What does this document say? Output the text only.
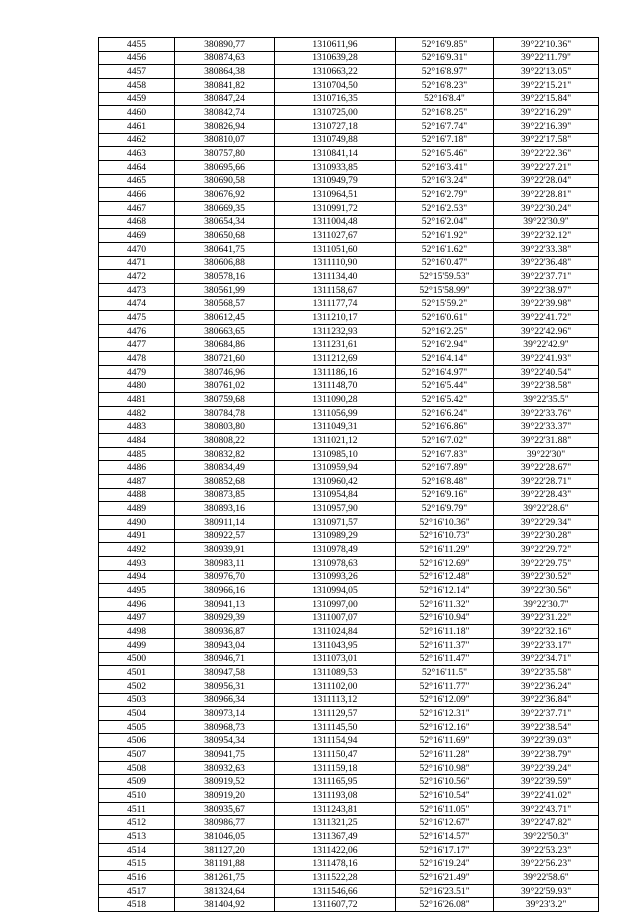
4455	380890,77	1310611,96	52°16'9.85"	39°22'10.36"
4456	380874,63	1310639,28	52°16'9.31"	39°22'11.79"
4457	380864,38	1310663,22	52°16'8.97"	39°22'13.05"
4458	380841,82	1310704,50	52°16'8.23"	39°22'15.21"
4459	380847,24	1310716,35	52°16'8.4"	39°22'15.84"
4460	380842,74	1310725,00	52°16'8.25"	39°22'16.29"
4461	380826,94	1310727,18	52°16'7.74"	39°22'16.39"
4462	380810,07	1310749,88	52°16'7.18"	39°22'17.58"
4463	380757,80	1310841,14	52°16'5.46"	39°22'22.36"
4464	380695,66	1310933,85	52°16'3.41"	39°22'27.21"
4465	380690,58	1310949,79	52°16'3.24"	39°22'28.04"
4466	380676,92	1310964,51	52°16'2.79"	39°22'28.81"
4467	380669,35	1310991,72	52°16'2.53"	39°22'30.24"
4468	380654,34	1311004,48	52°16'2.04"	39°22'30.9"
4469	380650,68	1311027,67	52°16'1.92"	39°22'32.12"
4470	380641,75	1311051,60	52°16'1.62"	39°22'33.38"
4471	380606,88	1311110,90	52°16'0.47"	39°22'36.48"
4472	380578,16	1311134,40	52°15'59.53"	39°22'37.71"
4473	380561,99	1311158,67	52°15'58.99"	39°22'38.97"
4474	380568,57	1311177,74	52°15'59.2"	39°22'39.98"
4475	380612,45	1311210,17	52°16'0.61"	39°22'41.72"
4476	380663,65	1311232,93	52°16'2.25"	39°22'42.96"
4477	380684,86	1311231,61	52°16'2.94"	39°22'42.9"
4478	380721,60	1311212,69	52°16'4.14"	39°22'41.93"
4479	380746,96	1311186,16	52°16'4.97"	39°22'40.54"
4480	380761,02	1311148,70	52°16'5.44"	39°22'38.58"
4481	380759,68	1311090,28	52°16'5.42"	39°22'35.5"
4482	380784,78	1311056,99	52°16'6.24"	39°22'33.76"
4483	380803,80	1311049,31	52°16'6.86"	39°22'33.37"
4484	380808,22	1311021,12	52°16'7.02"	39°22'31.88"
4485	380832,82	1310985,10	52°16'7.83"	39°22'30"
4486	380834,49	1310959,94	52°16'7.89"	39°22'28.67"
4487	380852,68	1310960,42	52°16'8.48"	39°22'28.71"
4488	380873,85	1310954,84	52°16'9.16"	39°22'28.43"
4489	380893,16	1310957,90	52°16'9.79"	39°22'28.6"
4490	380911,14	1310971,57	52°16'10.36"	39°22'29.34"
4491	380922,57	1310989,29	52°16'10.73"	39°22'30.28"
4492	380939,91	1310978,49	52°16'11.29"	39°22'29.72"
4493	380983,11	1310978,63	52°16'12.69"	39°22'29.75"
4494	380976,70	1310993,26	52°16'12.48"	39°22'30.52"
4495	380966,16	1310994,05	52°16'12.14"	39°22'30.56"
4496	380941,13	1310997,00	52°16'11.32"	39°22'30.7"
4497	380929,39	1311007,07	52°16'10.94"	39°22'31.22"
4498	380936,87	1311024,84	52°16'11.18"	39°22'32.16"
4499	380943,04	1311043,95	52°16'11.37"	39°22'33.17"
4500	380946,71	1311073,01	52°16'11.47"	39°22'34.71"
4501	380947,58	1311089,53	52°16'11.5"	39°22'35.58"
4502	380956,31	1311102,00	52°16'11.77"	39°22'36.24"
4503	380966,34	1311113,12	52°16'12.09"	39°22'36.84"
4504	380973,14	1311129,57	52°16'12.31"	39°22'37.71"
4505	380968,73	1311145,50	52°16'12.16"	39°22'38.54"
4506	380954,34	1311154,94	52°16'11.69"	39°22'39.03"
4507	380941,75	1311150,47	52°16'11.28"	39°22'38.79"
4508	380932,63	1311159,18	52°16'10.98"	39°22'39.24"
4509	380919,52	1311165,95	52°16'10.56"	39°22'39.59"
4510	380919,20	1311193,08	52°16'10.54"	39°22'41.02"
4511	380935,67	1311243,81	52°16'11.05"	39°22'43.71"
4512	380986,77	1311321,25	52°16'12.67"	39°22'47.82"
4513	381046,05	1311367,49	52°16'14.57"	39°22'50.3"
4514	381127,20	1311422,06	52°16'17.17"	39°22'53.23"
4515	381191,88	1311478,16	52°16'19.24"	39°22'56.23"
4516	381261,75	1311522,28	52°16'21.49"	39°22'58.6"
4517	381324,64	1311546,66	52°16'23.51"	39°22'59.93"
4518	381404,92	1311607,72	52°16'26.08"	39°23'3.2"
